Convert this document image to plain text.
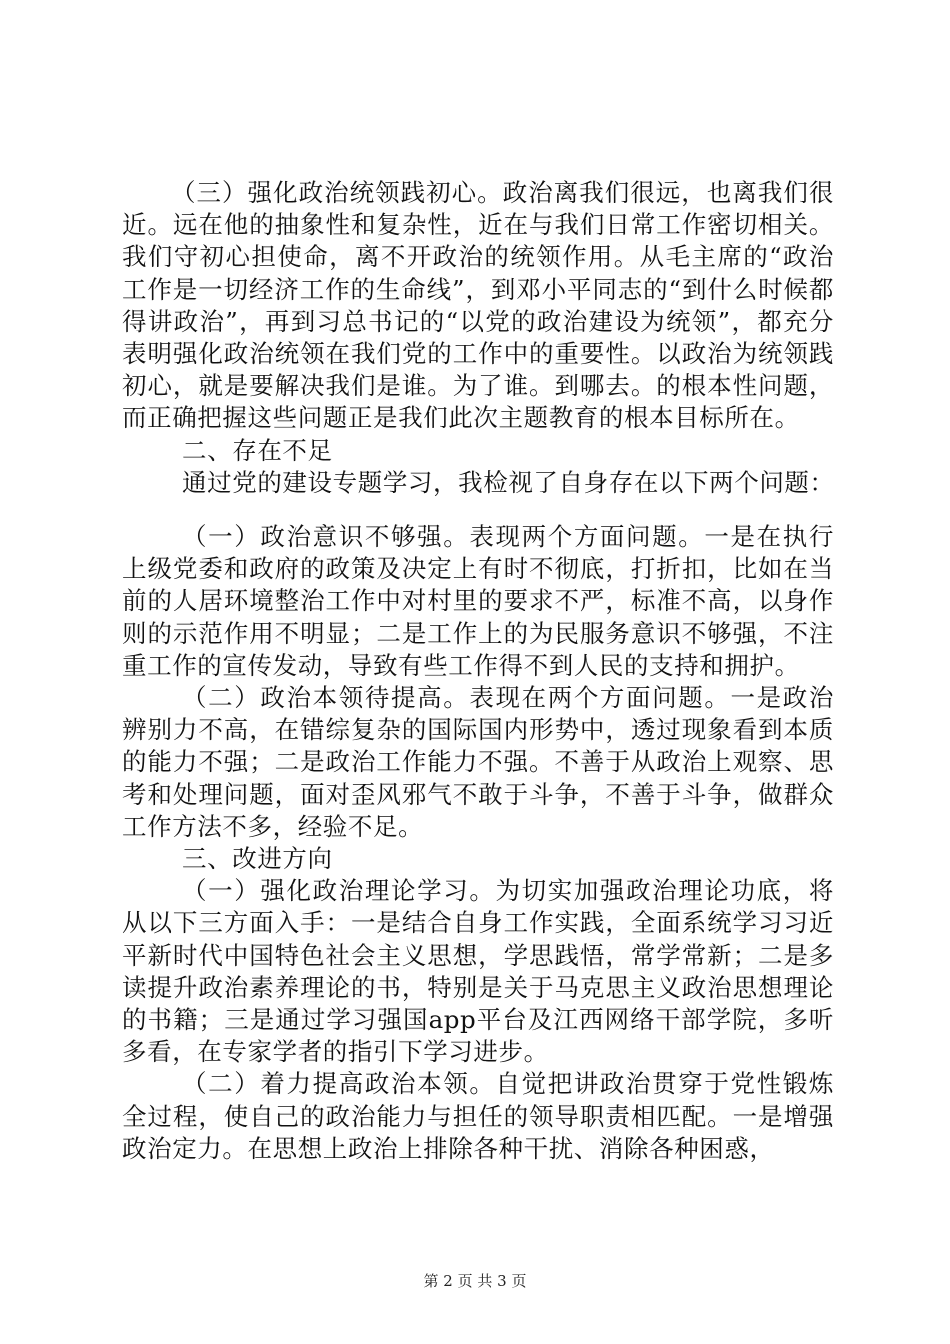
（三）强化政治统领践初心。政治离我们很远，也离我们很近。远在他的抽象性和复杂性，近在与我们日常工作密切相关。我们守初心担使命，离不开政治的统领作用。从毛主席的“政治工作是一切经济工作的生命线”，到邓小平同志的“到什么时候都得讲政治”，再到习总书记的“以党的政治建设为统领”，都充分表明强化政治统领在我们党的工作中的重要性。以政治为统领践初心，就是要解决我们是谁。为了谁。到哪去。的根本性问题，而正确把握这些问题正是我们此次主题教育的根本目标所在。

二、存在不足

通过党的建设专题学习，我检视了自身存在以下两个问题：

（一）政治意识不够强。表现两个方面问题。一是在执行上级党委和政府的政策及决定上有时不彻底，打折扣，比如在当前的人居环境整治工作中对村里的要求不严，标准不高，以身作则的示范作用不明显；二是工作上的为民服务意识不够强，不注重工作的宣传发动，导致有些工作得不到人民的支持和拥护。

（二）政治本领待提高。表现在两个方面问题。一是政治辨别力不高，在错综复杂的国际国内形势中，透过现象看到本质的能力不强；二是政治工作能力不强。不善于从政治上观察、思考和处理问题，面对歪风邪气不敢于斗争，不善于斗争，做群众工作方法不多，经验不足。

三、改进方向

（一）强化政治理论学习。为切实加强政治理论功底，将从以下三方面入手：一是结合自身工作实践，全面系统学习习近平新时代中国特色社会主义思想，学思践悟，常学常新；二是多读提升政治素养理论的书，特别是关于马克思主义政治思想理论的书籍；三是通过学习强国app平台及江西网络干部学院，多听多看，在专家学者的指引下学习进步。

（二）着力提高政治本领。自觉把讲政治贯穿于党性锻炼全过程，使自己的政治能力与担任的领导职责相匹配。一是增强政治定力。在思想上政治上排除各种干扰、消除各种困惑，

第 2 页 共 3 页
